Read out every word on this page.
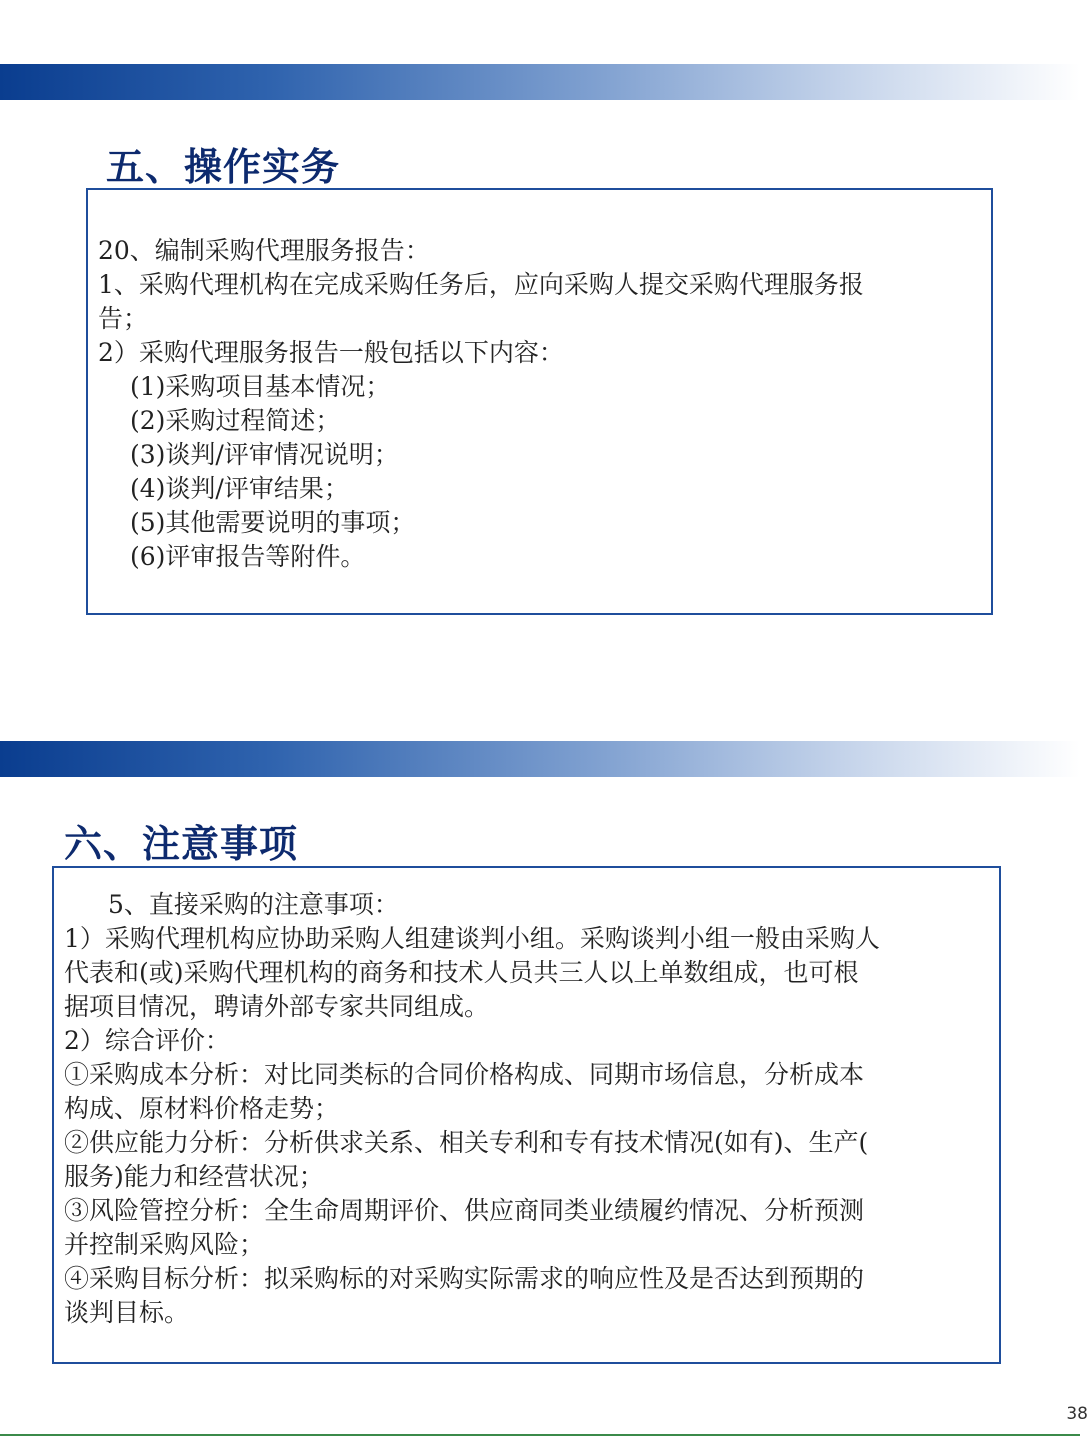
五、操作实务
20、编制采购代理服务报告：
1、采购代理机构在完成采购任务后，应向采购人提交采购代理服务报
告；
2）采购代理服务报告一般包括以下内容：
(1)采购项目基本情况；
(2)采购过程简述；
(3)谈判/评审情况说明；
(4)谈判/评审结果；
(5)其他需要说明的事项；
(6)评审报告等附件。
六、注意事项
5、直接采购的注意事项：
1）采购代理机构应协助采购人组建谈判小组。采购谈判小组一般由采购人
代表和(或)采购代理机构的商务和技术人员共三人以上单数组成，也可根
据项目情况，聘请外部专家共同组成。
2）综合评价：
①采购成本分析：对比同类标的合同价格构成、同期市场信息，分析成本
构成、原材料价格走势；
②供应能力分析：分析供求关系、相关专利和专有技术情况(如有)、生产(
服务)能力和经营状况；
③风险管控分析：全生命周期评价、供应商同类业绩履约情况、分析预测
并控制采购风险；
④采购目标分析：拟采购标的对采购实际需求的响应性及是否达到预期的
谈判目标。
38
